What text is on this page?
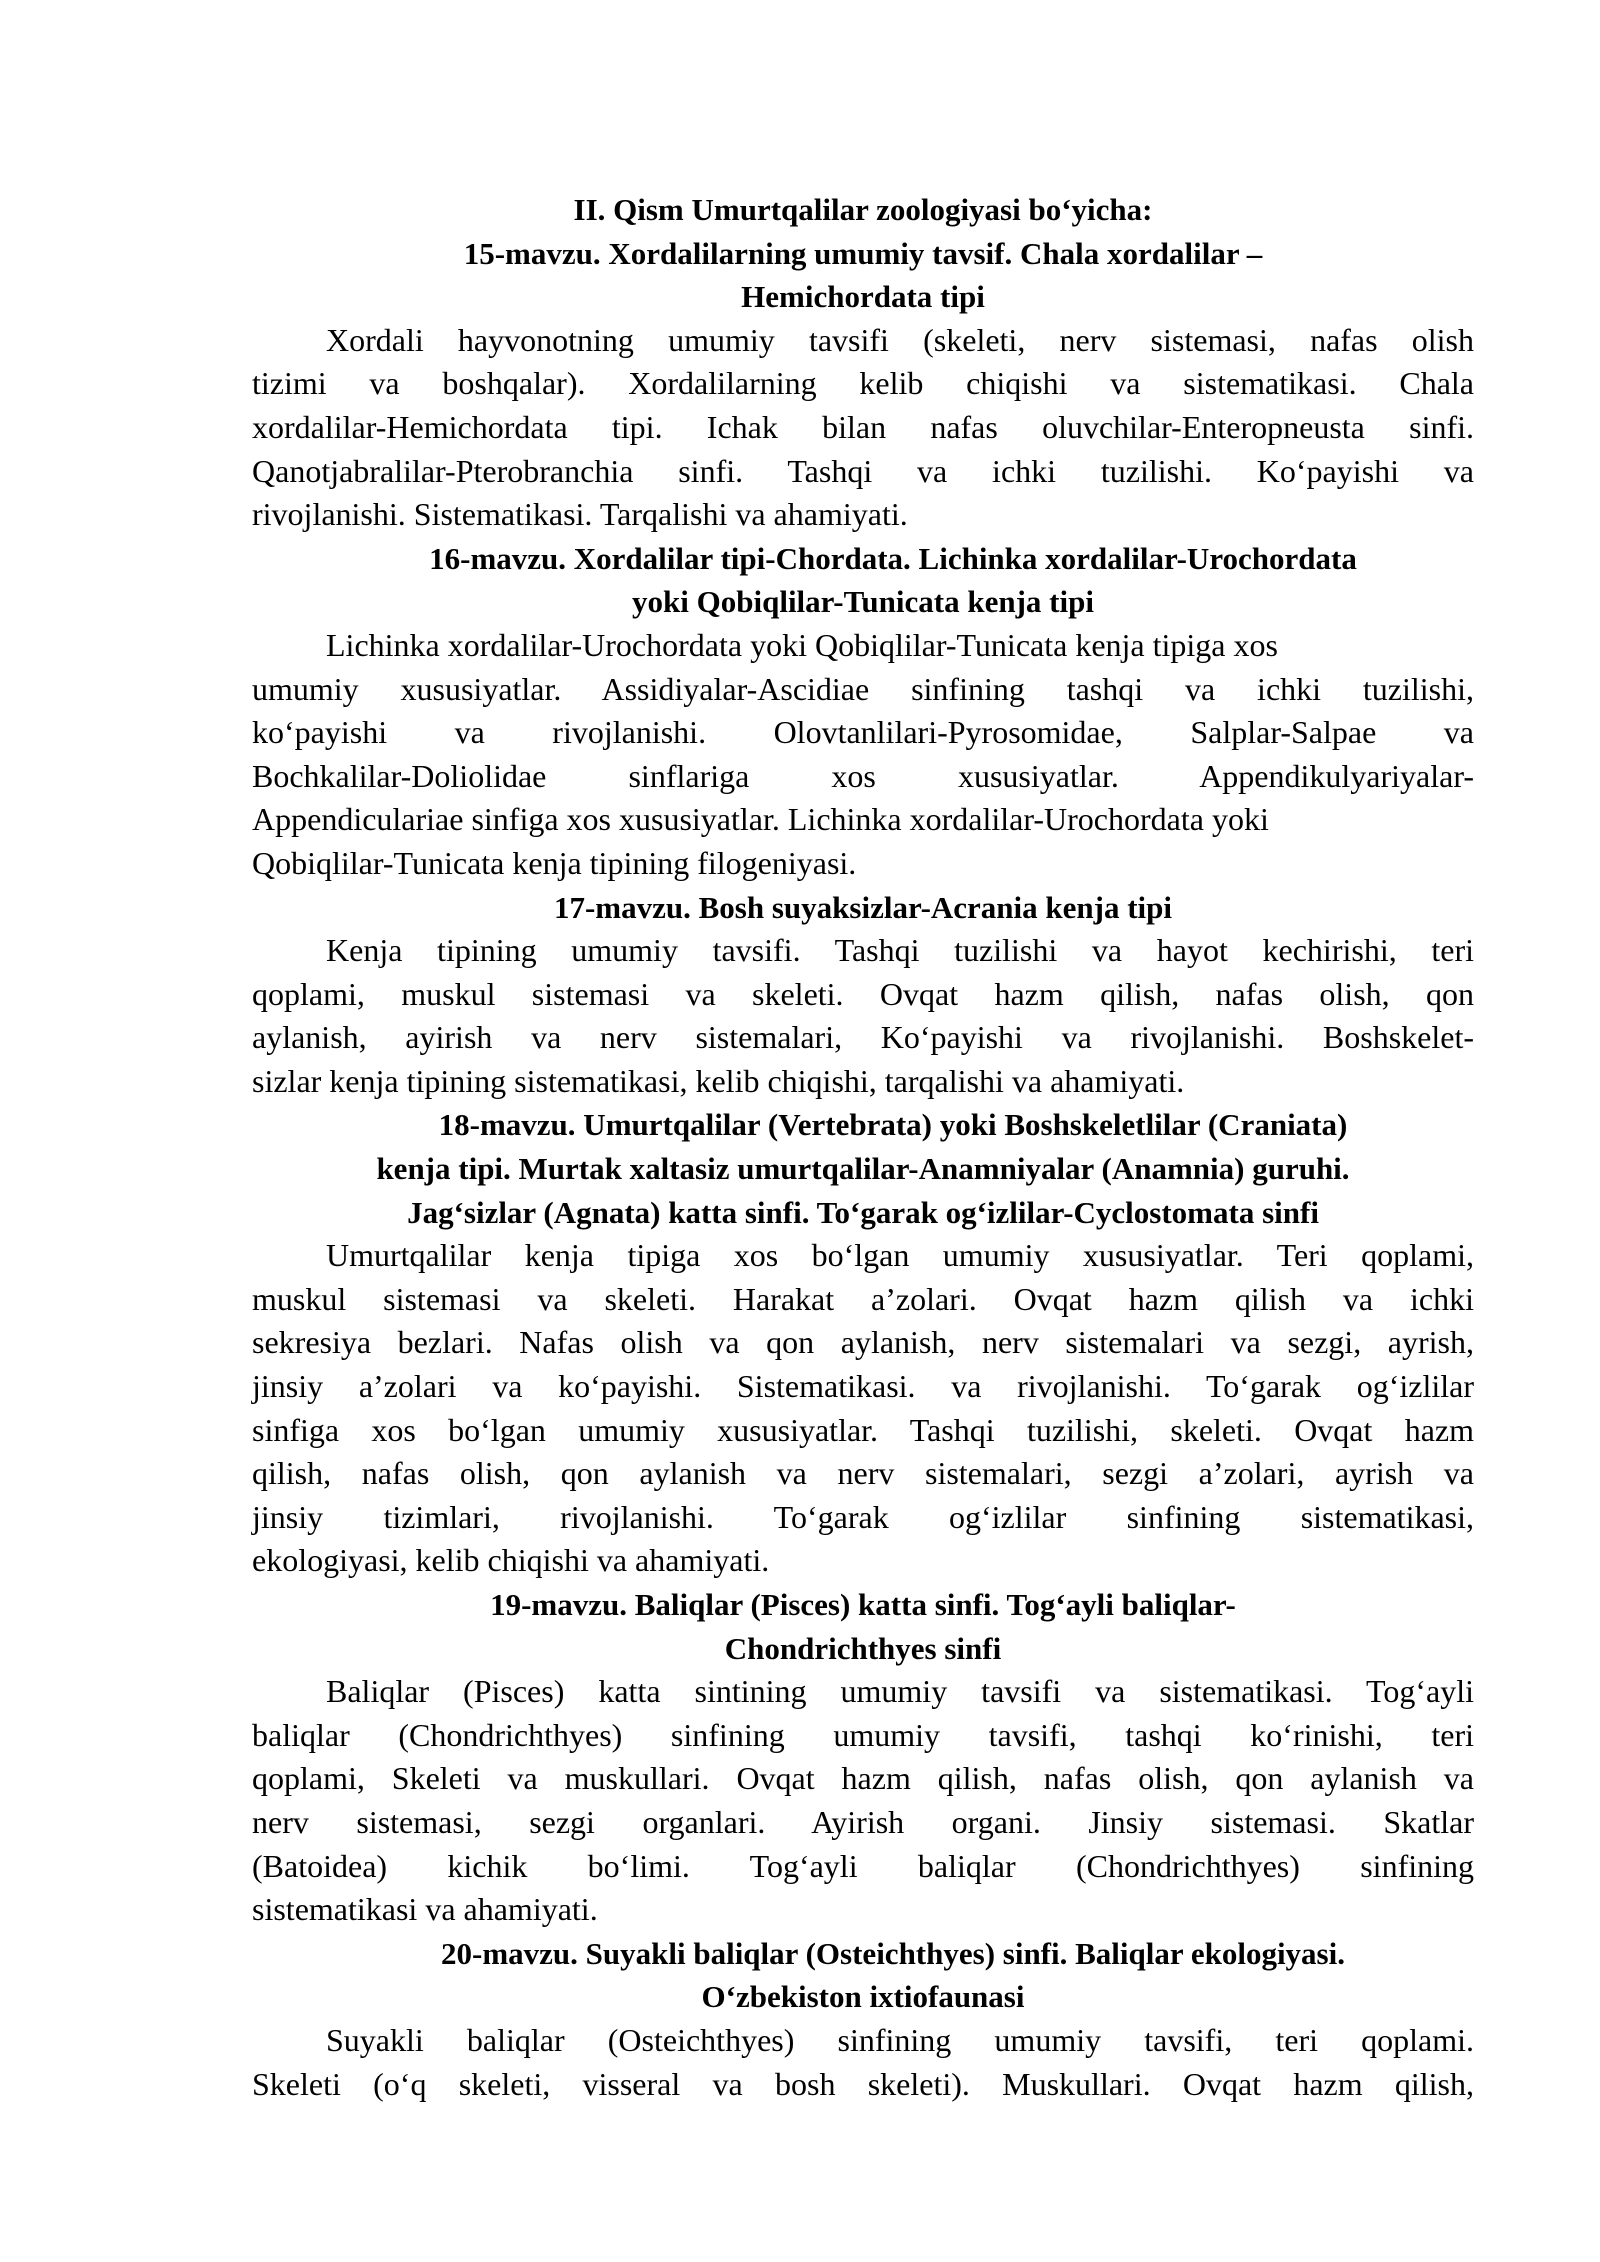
II. Qism Umurtqalilar zoologiyasi bo‘yicha:
15-mavzu. Xordalilarning umumiy tavsif. Chala xordalilar –
Hemichordata tipi
Xordali hayvonotning umumiy tavsifi (skeleti, nerv sistemasi, nafas olish
tizimi va boshqalar). Xordalilarning kelib chiqishi va sistematikasi. Chala
xordalilar-Hemichordata tipi. Ichak bilan nafas oluvchilar-Enteropneusta sinfi.
Qanotjabralilar-Pterobranchia sinfi. Tashqi va ichki tuzilishi. Ko‘payishi va
rivojlanishi. Sistematikasi. Tarqalishi va ahamiyati.
16-mavzu. Xordalilar tipi-Chordata. Lichinka xordalilar-Urochordata
yoki Qobiqlilar-Tunicata kenja tipi
Lichinka xordalilar-Urochordata yoki Qobiqlilar-Tunicata kenja tipiga xos
umumiy xususiyatlar. Assidiyalar-Ascidiae sinfining tashqi va ichki tuzilishi,
ko‘payishi va rivojlanishi. Olovtanlilari-Pyrosomidae, Salplar-Salpae va
Bochkalilar-Doliolidae sinflariga xos xususiyatlar. Appendikulyariyalar-
Appendiculariae sinfiga xos xususiyatlar. Lichinka xordalilar-Urochordata yoki
Qobiqlilar-Tunicata kenja tipining filogeniyasi.
17-mavzu. Bosh suyaksizlar-Acrania kenja tipi
Kenja tipining umumiy tavsifi. Tashqi tuzilishi va hayot kechirishi, teri
qoplami, muskul sistemasi va skeleti. Ovqat hazm qilish, nafas olish, qon
aylanish, ayirish va nerv sistemalari, Ko‘payishi va rivojlanishi. Boshskelet-
sizlar kenja tipining sistematikasi, kelib chiqishi, tarqalishi va ahamiyati.
18-mavzu. Umurtqalilar (Vertebrata) yoki Boshskeletlilar (Craniata)
kenja tipi. Murtak xaltasiz umurtqalilar-Anamniyalar (Anamnia) guruhi.
Jag‘sizlar (Agnata) katta sinfi. To‘garak og‘izlilar-Cyclostomata sinfi
Umurtqalilar kenja tipiga xos bo‘lgan umumiy xususiyatlar. Teri qoplami,
muskul sistemasi va skeleti. Harakat a’zolari. Ovqat hazm qilish va ichki
sekresiya bezlari. Nafas olish va qon aylanish, nerv sistemalari va sezgi, ayrish,
jinsiy a’zolari va ko‘payishi. Sistematikasi. va rivojlanishi. To‘garak og‘izlilar
sinfiga xos bo‘lgan umumiy xususiyatlar. Tashqi tuzilishi, skeleti. Ovqat hazm
qilish, nafas olish, qon aylanish va nerv sistemalari, sezgi a’zolari, ayrish va
jinsiy tizimlari, rivojlanishi. To‘garak og‘izlilar sinfining sistematikasi,
ekologiyasi, kelib chiqishi va ahamiyati.
19-mavzu. Baliqlar (Pisces) katta sinfi. Tog‘ayli baliqlar-
Chondrichthyes sinfi
Baliqlar (Pisces) katta sintining umumiy tavsifi va sistematikasi. Tog‘ayli
baliqlar (Chondrichthyes) sinfining umumiy tavsifi, tashqi ko‘rinishi, teri
qoplami, Skeleti va muskullari. Ovqat hazm qilish, nafas olish, qon aylanish va
nerv sistemasi, sezgi organlari. Ayirish organi. Jinsiy sistemasi. Skatlar
(Batoidea) kichik bo‘limi. Tog‘ayli baliqlar (Chondrichthyes) sinfining
sistematikasi va ahamiyati.
20-mavzu. Suyakli baliqlar (Osteichthyes) sinfi. Baliqlar ekologiyasi.
O‘zbekiston ixtiofaunasi
Suyakli baliqlar (Osteichthyes) sinfining umumiy tavsifi, teri qoplami.
Skeleti (o‘q skeleti, visseral va bosh skeleti). Muskullari. Ovqat hazm qilish,
